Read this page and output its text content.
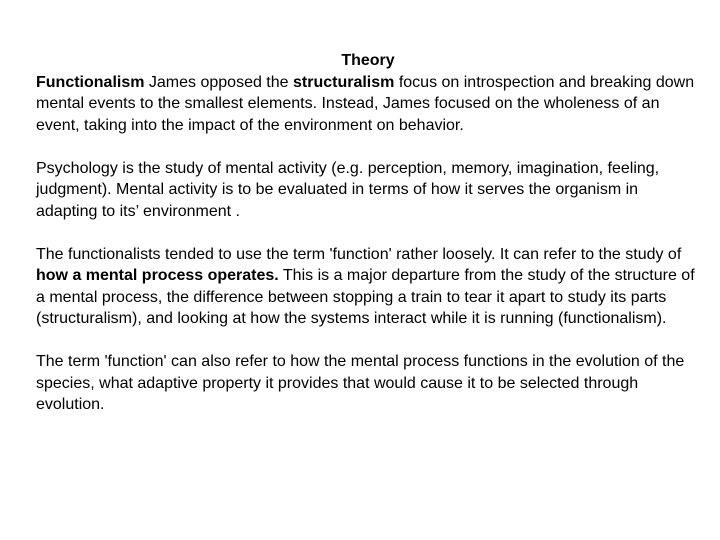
Theory

Functionalism James opposed the structuralism focus on introspection and breaking down mental events to the smallest elements. Instead, James focused on the wholeness of an event, taking into the impact of the environment on behavior.

Psychology is the study of mental activity (e.g. perception, memory, imagination, feeling, judgment). Mental activity is to be evaluated in terms of how it serves the organism in adapting to its’ environment .

The functionalists tended to use the term 'function' rather loosely. It can refer to the study of how a mental process operates. This is a major departure from the study of the structure of a mental process, the difference between stopping a train to tear it apart to study its parts (structuralism), and looking at how the systems interact while it is running (functionalism).

The term 'function' can also refer to how the mental process functions in the evolution of the species, what adaptive property it provides that would cause it to be selected through evolution.
